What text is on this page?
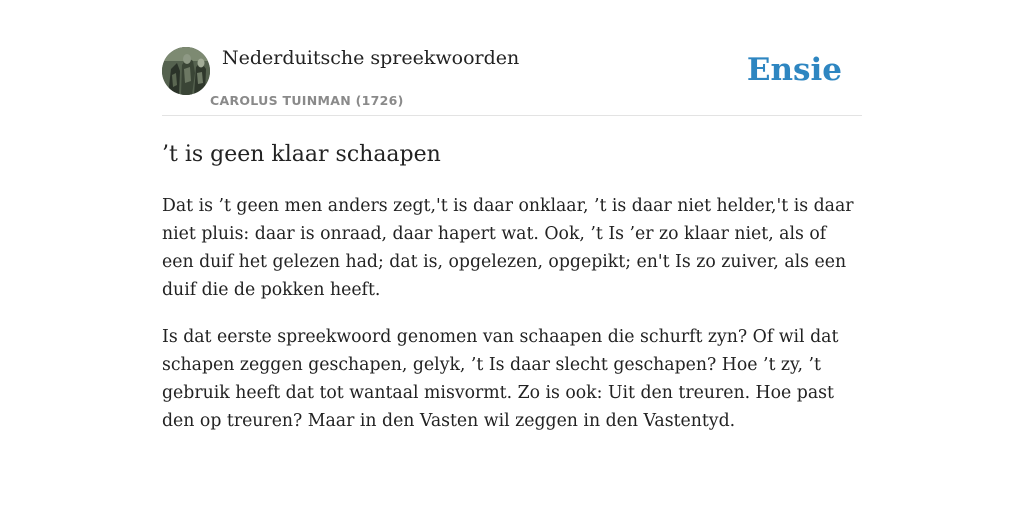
Nederduitsche spreekwoorden
CAROLUS TUINMAN (1726)
Ensie
’t is geen klaar schaapen

Dat is ’t geen men anders zegt,'t is daar onklaar, ’t is daar niet helder,'t is daar niet pluis: daar is onraad, daar hapert wat. Ook, ’t Is ’er zo klaar niet, als of een duif het gelezen had; dat is, opgelezen, opgepikt; en't Is zo zuiver, als een duif die de pokken heeft.

Is dat eerste spreekwoord genomen van schaapen die schurft zyn? Of wil dat schapen zeggen geschapen, gelyk, ’t Is daar slecht geschapen? Hoe ’t zy, ’t gebruik heeft dat tot wantaal misvormt. Zo is ook: Uit den treuren. Hoe past den op treuren? Maar in den Vasten wil zeggen in den Vastentyd.
